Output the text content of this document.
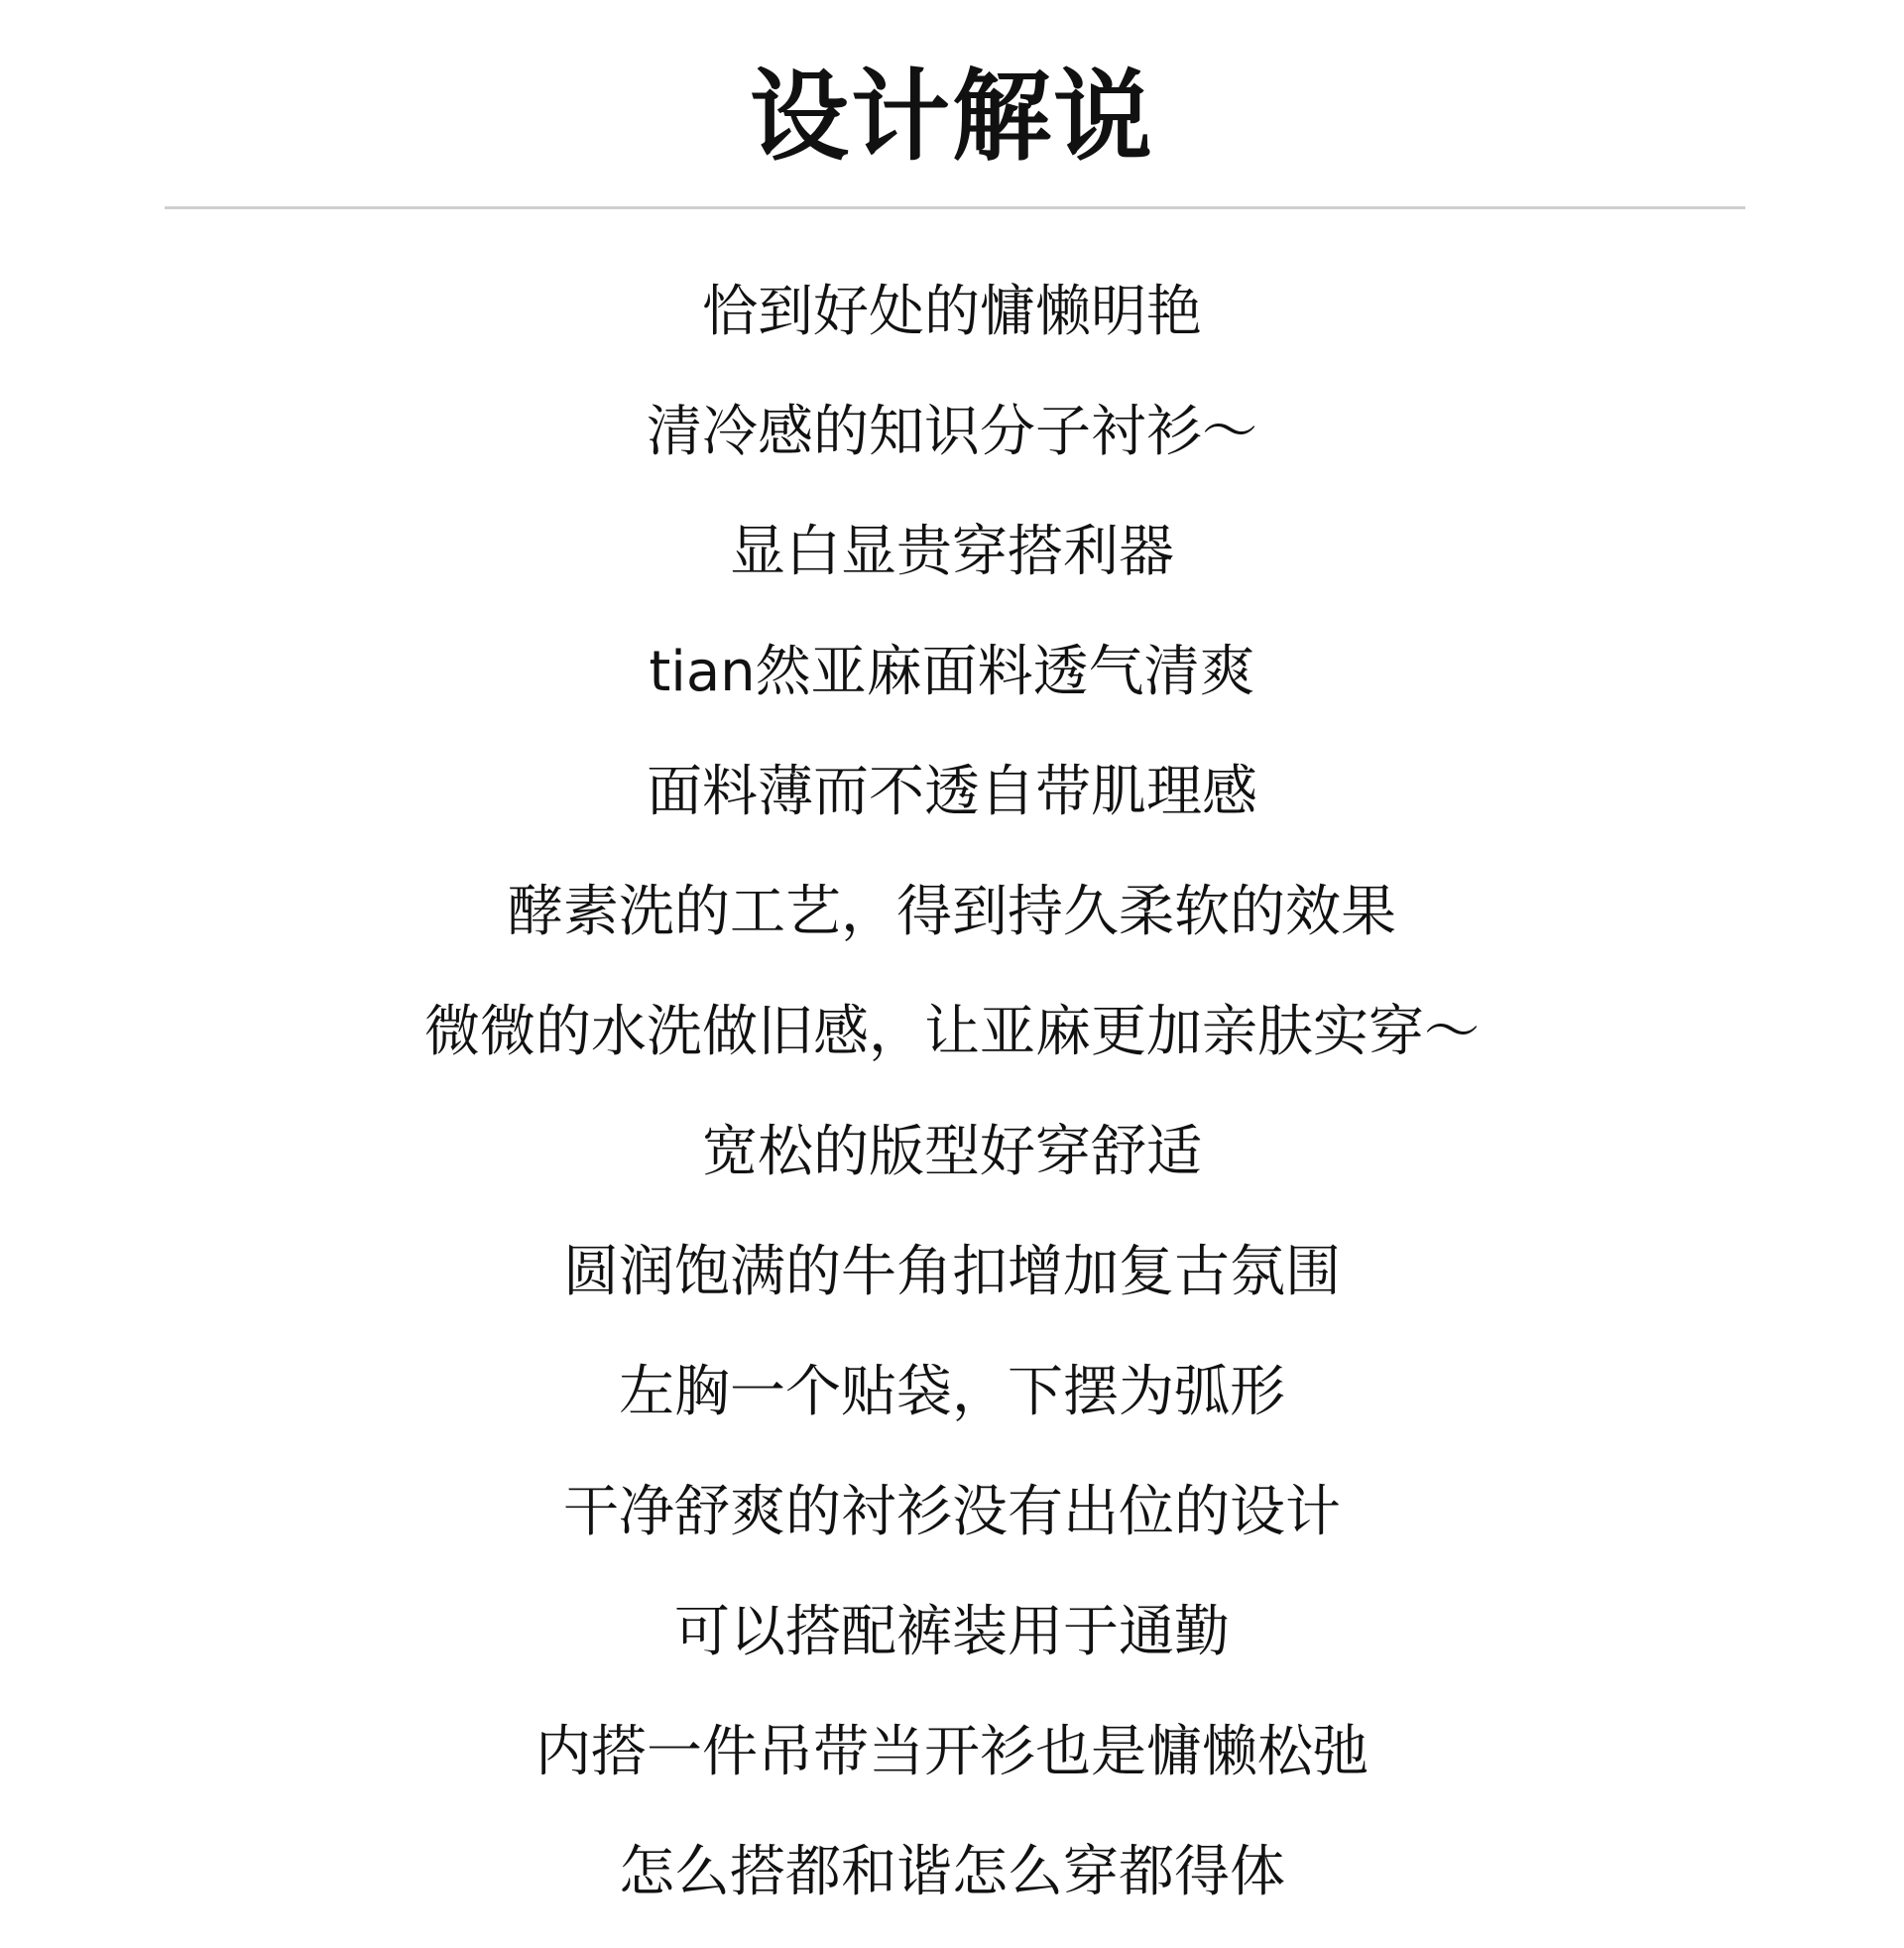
设计解说
恰到好处的慵懒明艳
清冷感的知识分子衬衫～
显白显贵穿搭利器
tian然亚麻面料透气清爽
面料薄而不透自带肌理感
酵素洗的工艺，得到持久柔软的效果
微微的水洗做旧感，让亚麻更加亲肤实穿～
宽松的版型好穿舒适
圆润饱满的牛角扣增加复古氛围
左胸一个贴袋，下摆为弧形
干净舒爽的衬衫没有出位的设计
可以搭配裤装用于通勤
内搭一件吊带当开衫也是慵懒松弛
怎么搭都和谐怎么穿都得体
